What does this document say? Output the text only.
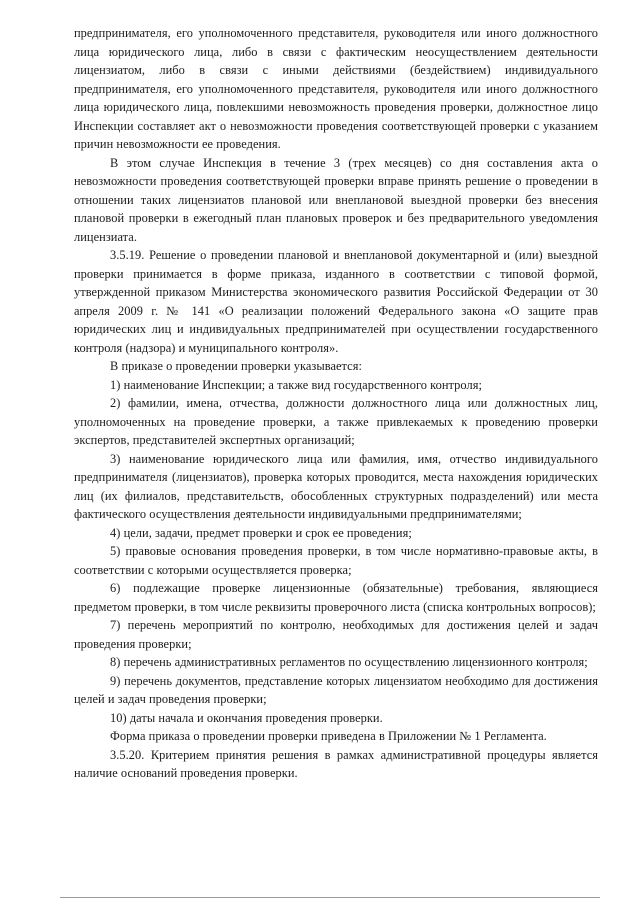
предпринимателя, его уполномоченного представителя, руководителя или иного должностного лица юридического лица, либо в связи с фактическим неосуществлением деятельности лицензиатом, либо в связи с иными действиями (бездействием) индивидуального предпринимателя, его уполномоченного представителя, руководителя или иного должностного лица юридического лица, повлекшими невозможность проведения проверки, должностное лицо Инспекции составляет акт о невозможности проведения соответствующей проверки с указанием причин невозможности ее проведения.

В этом случае Инспекция в течение 3 (трех месяцев) со дня составления акта о невозможности проведения соответствующей проверки вправе принять решение о проведении в отношении таких лицензиатов плановой или внеплановой выездной проверки без внесения плановой проверки в ежегодный план плановых проверок и без предварительного уведомления лицензиата.

3.5.19. Решение о проведении плановой и внеплановой документарной и (или) выездной проверки принимается в форме приказа, изданного в соответствии с типовой формой, утвержденной приказом Министерства экономического развития Российской Федерации от 30 апреля 2009 г. № 141 «О реализации положений Федерального закона «О защите прав юридических лиц и индивидуальных предпринимателей при осуществлении государственного контроля (надзора) и муниципального контроля».

В приказе о проведении проверки указывается:

1) наименование Инспекции; а также вид государственного контроля;

2) фамилии, имена, отчества, должности должностного лица или должностных лиц, уполномоченных на проведение проверки, а также привлекаемых к проведению проверки экспертов, представителей экспертных организаций;

3) наименование юридического лица или фамилия, имя, отчество индивидуального предпринимателя (лицензиатов), проверка которых проводится, места нахождения юридических лиц (их филиалов, представительств, обособленных структурных подразделений) или места фактического осуществления деятельности индивидуальными предпринимателями;

4) цели, задачи, предмет проверки и срок ее проведения;

5) правовые основания проведения проверки, в том числе нормативно-правовые акты, в соответствии с которыми осуществляется проверка;

6) подлежащие проверке лицензионные (обязательные) требования, являющиеся предметом проверки, в том числе реквизиты проверочного листа (списка контрольных вопросов);

7) перечень мероприятий по контролю, необходимых для достижения целей и задач проведения проверки;

8) перечень административных регламентов по осуществлению лицензионного контроля;

9) перечень документов, представление которых лицензиатом необходимо для достижения целей и задач проведения проверки;

10) даты начала и окончания проведения проверки.

Форма приказа о проведении проверки приведена в Приложении № 1 Регламента.

3.5.20. Критерием принятия решения в рамках административной процедуры является наличие оснований проведения проверки.
